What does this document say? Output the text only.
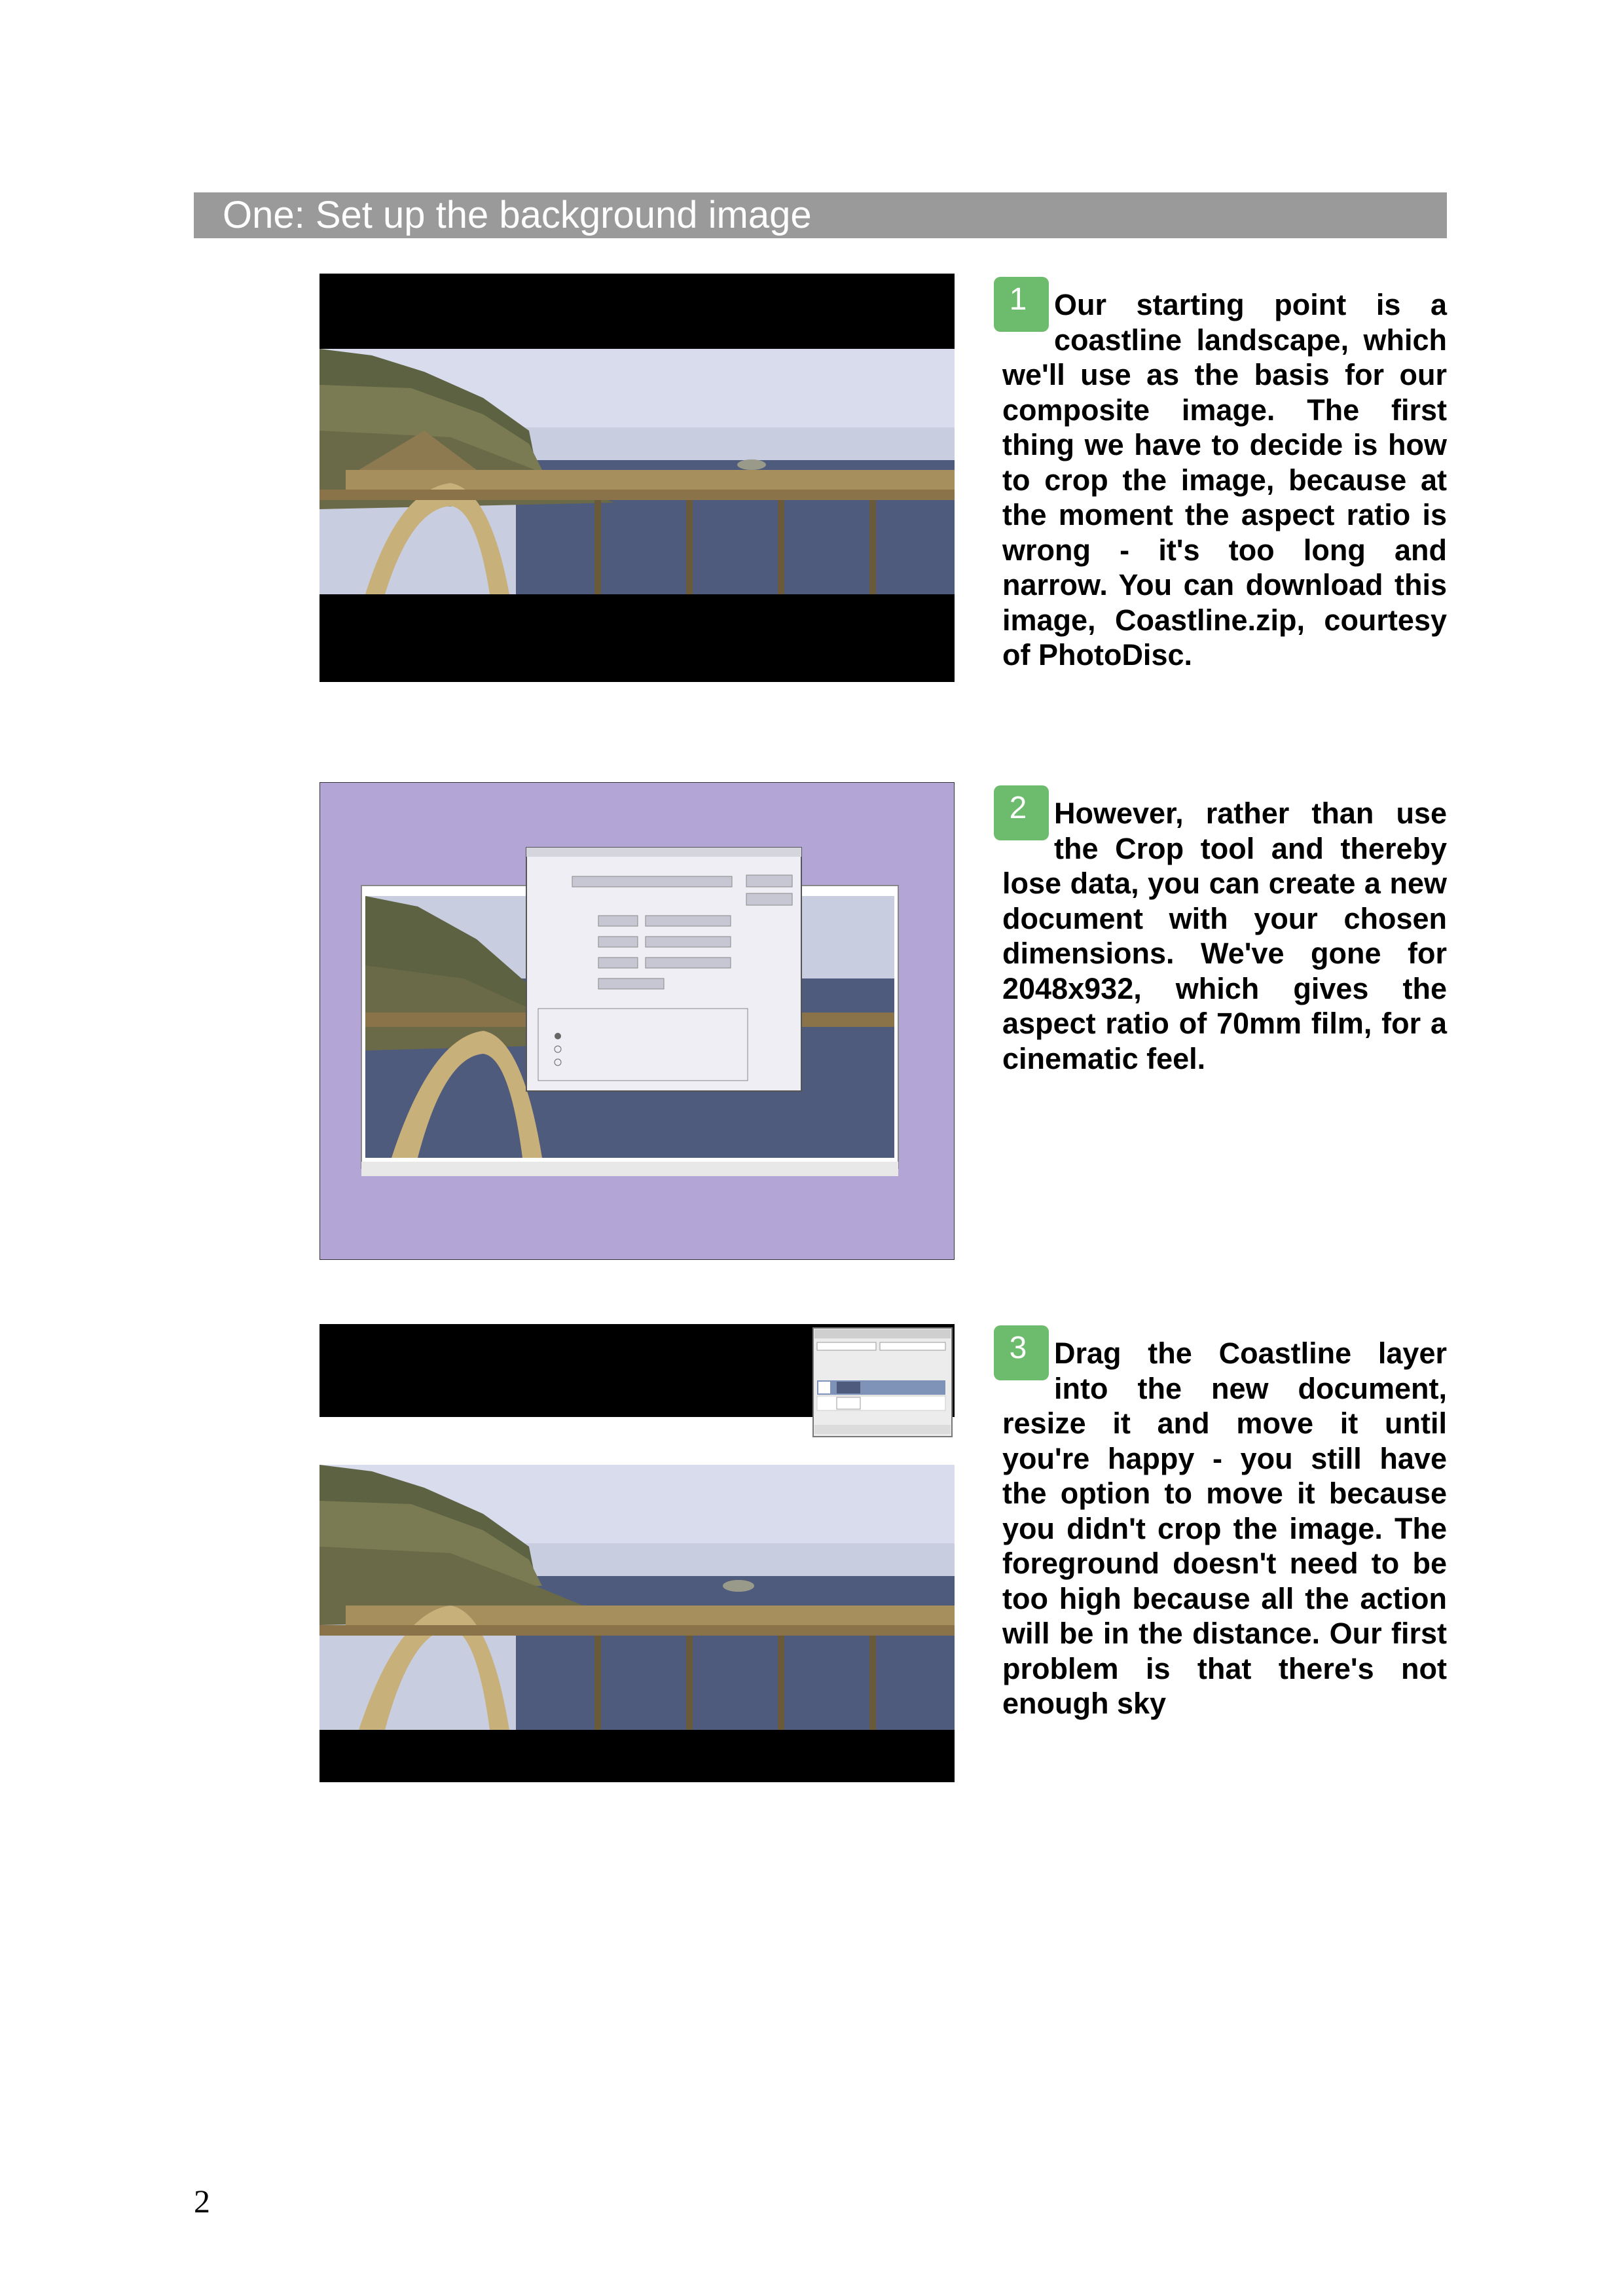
One: Set up the background image
1 Our starting point is a coastline landscape, which we'll use as the basis for our composite image. The first thing we have to decide is how to crop the image, because at the moment the aspect ratio is wrong - it's too long and narrow. You can download this image, Coastline.zip, courtesy of PhotoDisc.
2 However, rather than use the Crop tool and thereby lose data, you can create a new document with your chosen dimensions. We've gone for 2048x932, which gives the aspect ratio of 70mm film, for a cinematic feel.
3 Drag the Coastline layer into the new document, resize it and move it until you're happy - you still have the option to move it because you didn't crop the image. The foreground doesn't need to be too high because all the action will be in the distance. Our first problem is that there's not enough sky
2
